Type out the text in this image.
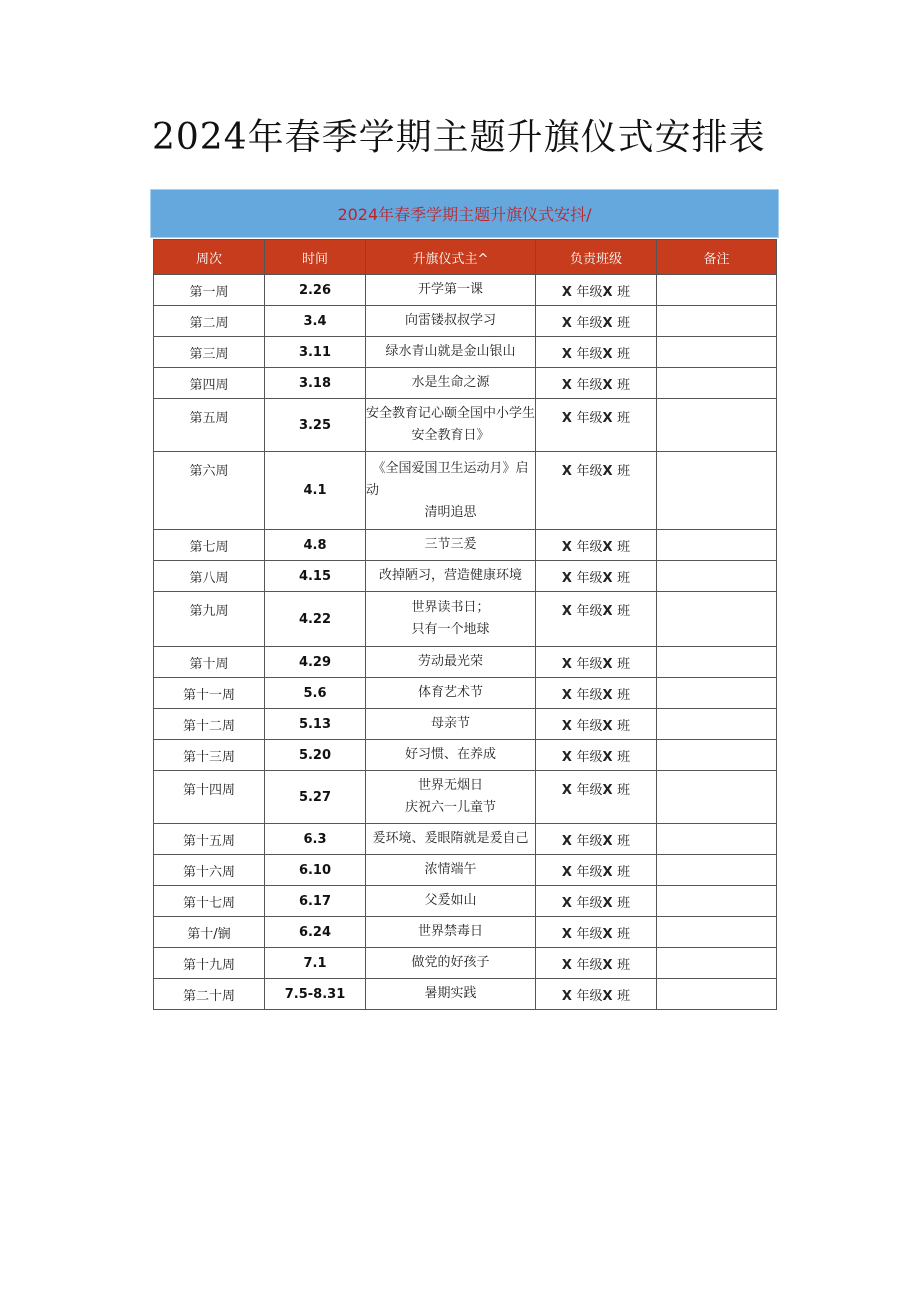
2024年春季学期主题升旗仪式安排表
2024年春季学期主题升旗仪式安抖/
周次	时间	升旗仪式主^	负责班级	备注
第一周	2.26	开学第一课	X 年级X 班	
第二周	3.4	向雷镂叔叔学习	X 年级X 班	
第三周	3.11	绿水青山就是金山银山	X 年级X 班	
第四周	3.18	水是生命之源	X 年级X 班	

第五周	3.25	安全教育记心颐全国中小学生
安全教育日》	X 年级X 班	

第六周	4.1	《全国爱国卫生运动月》启
动
清明追思	X 年级X 班	

第七周	4.8	三节三爰	X 年级X 班	
第八周	4.15	改掉陋习，营造健康环境	X 年级X 班	

第九周	4.22	世界读书日；
只有一个地球	X 年级X 班	

第十周	4.29	劳动最光荣	X 年级X 班	
第十一周	5.6	体育艺术节	X 年级X 班	
第十二周	5.13	母亲节	X 年级X 班	
第十三周	5.20	好习惯、在养成	X 年级X 班	

第十四周	5.27	世界无烟日
庆祝六一儿童节	X 年级X 班	

第十五周	6.3	爰环境、爰眼隋就是爰自己	X 年级X 班	
第十六周	6.10	浓情端午	X 年级X 班	
第十七周	6.17	父爰如山	X 年级X 班	
第十/锎	6.24	世界禁毒日	X 年级X 班	
第十九周	7.1	做党的好孩子	X 年级X 班	
第二十周	7.5-8.31	暑期实践	X 年级X 班	
